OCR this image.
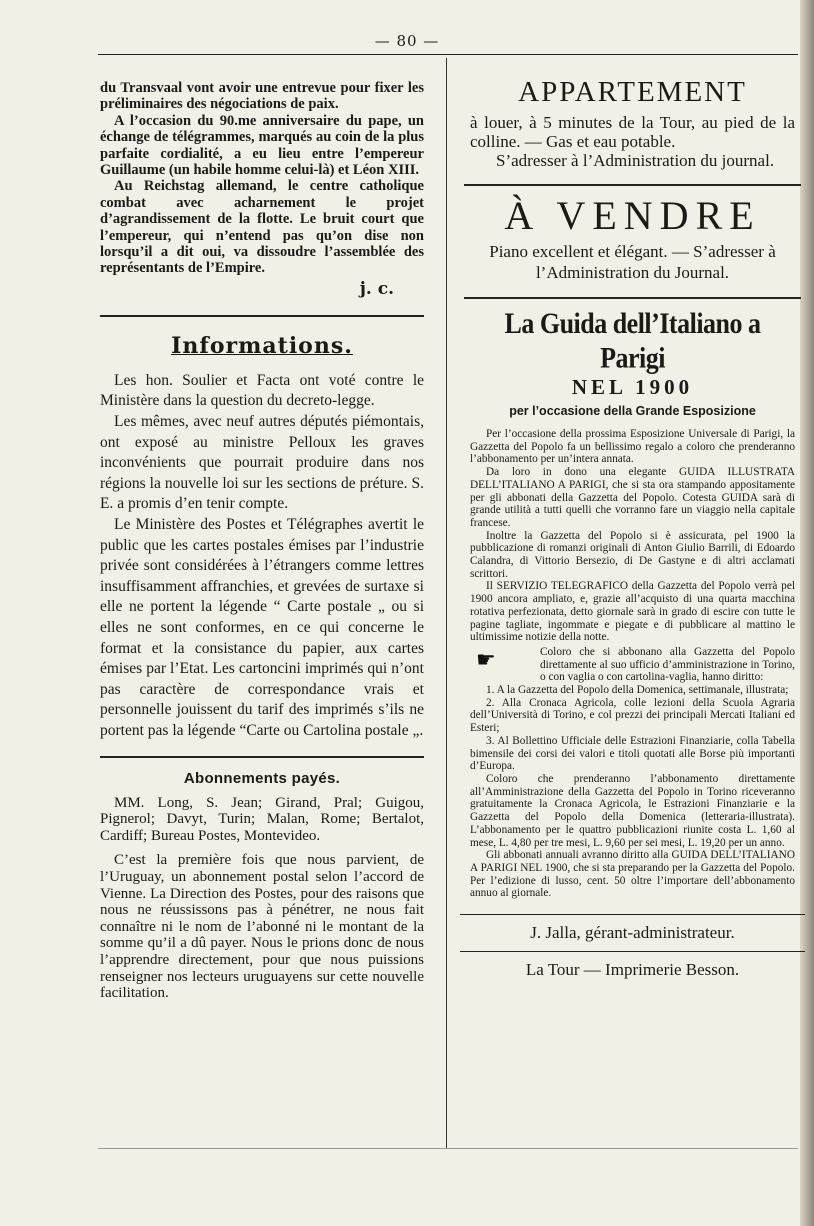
— 80 —

du Transvaal vont avoir une entrevue pour fixer les préliminaires des négociations de paix.

A l’occasion du 90.me anniversaire du pape, un échange de télégrammes, marqués au coin de la plus parfaite cordialité, a eu lieu entre l’empereur Guillaume (un habile homme celui-là) et Léon XIII.

Au Reichstag allemand, le centre catholique combat avec acharnement le projet d’agrandissement de la flotte. Le bruit court que l’empereur, qui n’entend pas qu’on dise non lorsqu’il a dit oui, va dissoudre l’assemblée des représentants de l’Empire.

j. c.
Informations.

Les hon. Soulier et Facta ont voté contre le Ministère dans la question du decreto-legge.

Les mêmes, avec neuf autres députés piémontais, ont exposé au ministre Pelloux les graves inconvénients que pourrait produire dans nos régions la nouvelle loi sur les sections de préture. S. E. a promis d’en tenir compte.

Le Ministère des Postes et Télégraphes avertit le public que les cartes postales émises par l’industrie privée sont considérées à l’étrangers comme lettres insuffisamment affranchies, et grevées de surtaxe si elle ne portent la légende “ Carte postale „ ou si elles ne sont conformes, en ce qui concerne le format et la consistance du papier, aux cartes émises par l’Etat. Les cartoncini imprimés qui n’ont pas caractère de correspondance vrais et personnelle jouissent du tarif des imprimés s’ils ne portent pas la légende “Carte ou Cartolina postale „.

Abonnements payés.

MM. Long, S. Jean; Girand, Pral; Guigou, Pignerol; Davyt, Turin; Malan, Rome; Bertalot, Cardiff; Bureau Postes, Montevideo.

C’est la première fois que nous parvient, de l’Uruguay, un abonnement postal selon l’accord de Vienne. La Direction des Postes, pour des raisons que nous ne réussissons pas à pénétrer, ne nous fait connaître ni le nom de l’abonné ni le montant de la somme qu’il a dû payer. Nous le prions donc de nous l’apprendre directement, pour que nous puissions renseigner nos lecteurs uruguayens sur cette nouvelle facilitation.

APPARTEMENT

à louer, à 5 minutes de la Tour, au pied de la colline. — Gas et eau potable.

S’adresser à l’Administration du journal.

À VENDRE

Piano excellent et élégant. — S’adresser à l’Administration du Journal.

La Guida dell’Italiano a Parigi
NEL 1900
per l’occasione della Grande Esposizione

Per l’occasione della prossima Esposizione Universale di Parigi, la Gazzetta del Popolo fa un bellissimo regalo a coloro che prenderanno l’abbonamento per un’intera annata.

Da loro in dono una elegante GUIDA ILLUSTRATA DELL’ITALIANO A PARIGI, che si sta ora stampando appositamente per gli abbonati della Gazzetta del Popolo. Cotesta GUIDA sarà di grande utilità a tutti quelli che vorranno fare un viaggio nella capitale francese.

Inoltre la Gazzetta del Popolo si è assicurata, pel 1900 la pubblicazione di romanzi originali di Anton Giulio Barrili, di Edoardo Calandra, di Vittorio Bersezio, di De Gastyne e di altri acclamati scrittori.

Il SERVIZIO TELEGRAFICO della Gazzetta del Popolo verrà pel 1900 ancora ampliato, e, grazie all’acquisto di una quarta macchina rotativa perfezionata, detto giornale sarà in grado di escire con tutte le pagine tagliate, ingommate e piegate e di pubblicare al mattino le ultimissime notizie della notte.

☛	Coloro che si abbonano alla Gazzetta del Popolo direttamente al suo ufficio d’amministrazione in Torino, o con vaglia o con cartolina-vaglia, hanno diritto:

1. A la Gazzetta del Popolo della Domenica, settimanale, illustrata;

2. Alla Cronaca Agricola, colle lezioni della Scuola Agraria dell’Università di Torino, e col prezzi dei principali Mercati Italiani ed Esteri;

3. Al Bollettino Ufficiale delle Estrazioni Finanziarie, colla Tabella bimensile dei corsi dei valori e titoli quotati alle Borse più importanti d’Europa.

Coloro che prenderanno l’abbonamento direttamente all’Amministrazione della Gazzetta del Popolo in Torino riceveranno gratuitamente la Cronaca Agricola, le Estrazioni Finanziarie e la Gazzetta del Popolo della Domenica (letteraria-illustrata). L’abbonamento per le quattro pubblicazioni riunite costa L. 1,60 al mese, L. 4,80 per tre mesi, L. 9,60 per sei mesi, L. 19,20 per un anno.

Gli abbonati annuali avranno diritto alla GUIDA DELL’ITALIANO A PARIGI NEL 1900, che si sta preparando per la Gazzetta del Popolo. Per l’edizione di lusso, cent. 50 oltre l’importare dell’abbonamento annuo al giornale.

J. Jalla, gérant-administrateur.
La Tour — Imprimerie Besson.
